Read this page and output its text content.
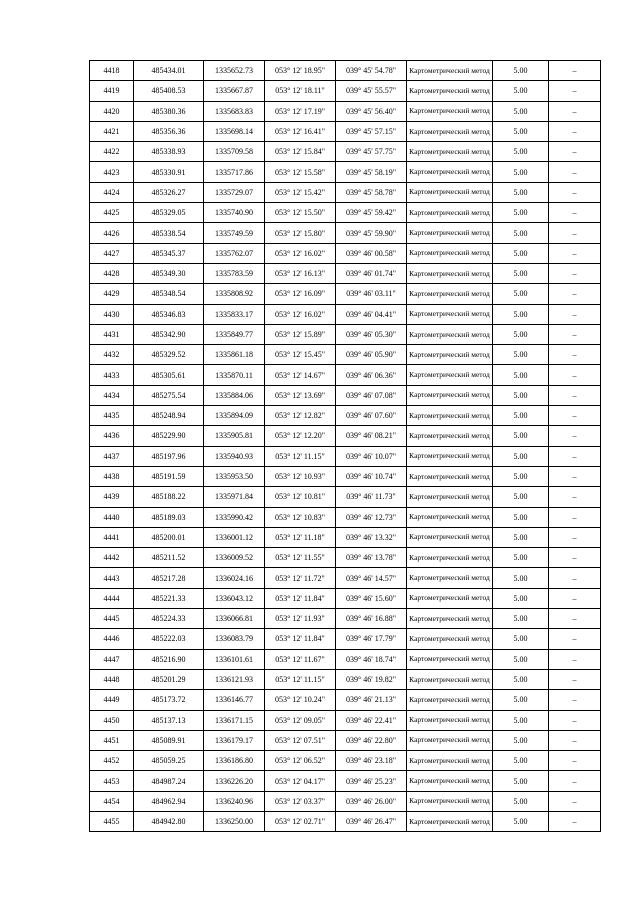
4418	485434.01	1335652.73	053° 12' 18.95"	039° 45' 54.78"	Картометрический метод	5.00	–
4419	485408.53	1335667.87	053° 12' 18.11"	039° 45' 55.57"	Картометрический метод	5.00	–
4420	485380.36	1335683.83	053° 12' 17.19"	039° 45' 56.40"	Картометрический метод	5.00	–
4421	485356.36	1335698.14	053° 12' 16.41"	039° 45' 57.15"	Картометрический метод	5.00	–
4422	485338.93	1335709.58	053° 12' 15.84"	039° 45' 57.75"	Картометрический метод	5.00	–
4423	485330.91	1335717.86	053° 12' 15.58"	039° 45' 58.19"	Картометрический метод	5.00	–
4424	485326.27	1335729.07	053° 12' 15.42"	039° 45' 58.78"	Картометрический метод	5.00	–
4425	485329.05	1335740.90	053° 12' 15.50"	039° 45' 59.42"	Картометрический метод	5.00	–
4426	485338.54	1335749.59	053° 12' 15.80"	039° 45' 59.90"	Картометрический метод	5.00	–
4427	485345.37	1335762.07	053° 12' 16.02"	039° 46' 00.58"	Картометрический метод	5.00	–
4428	485349.30	1335783.59	053° 12' 16.13"	039° 46' 01.74"	Картометрический метод	5.00	–
4429	485348.54	1335808.92	053° 12' 16.09"	039° 46' 03.11"	Картометрический метод	5.00	–
4430	485346.83	1335833.17	053° 12' 16.02"	039° 46' 04.41"	Картометрический метод	5.00	–
4431	485342.90	1335849.77	053° 12' 15.89"	039° 46' 05.30"	Картометрический метод	5.00	–
4432	485329.52	1335861.18	053° 12' 15.45"	039° 46' 05.90"	Картометрический метод	5.00	–
4433	485305.61	1335870.11	053° 12' 14.67"	039° 46' 06.36"	Картометрический метод	5.00	–
4434	485275.54	1335884.06	053° 12' 13.69"	039° 46' 07.08"	Картометрический метод	5.00	–
4435	485248.94	1335894.09	053° 12' 12.82"	039° 46' 07.60"	Картометрический метод	5.00	–
4436	485229.90	1335905.81	053° 12' 12.20"	039° 46' 08.21"	Картометрический метод	5.00	–
4437	485197.96	1335940.93	053° 12' 11.15"	039° 46' 10.07"	Картометрический метод	5.00	–
4438	485191.59	1335953.50	053° 12' 10.93"	039° 46' 10.74"	Картометрический метод	5.00	–
4439	485188.22	1335971.84	053° 12' 10.81"	039° 46' 11.73"	Картометрический метод	5.00	–
4440	485189.03	1335990.42	053° 12' 10.83"	039° 46' 12.73"	Картометрический метод	5.00	–
4441	485200.01	1336001.12	053° 12' 11.18"	039° 46' 13.32"	Картометрический метод	5.00	–
4442	485211.52	1336009.52	053° 12' 11.55"	039° 46' 13.78"	Картометрический метод	5.00	–
4443	485217.28	1336024.16	053° 12' 11.72"	039° 46' 14.57"	Картометрический метод	5.00	–
4444	485221.33	1336043.12	053° 12' 11.84"	039° 46' 15.60"	Картометрический метод	5.00	–
4445	485224.33	1336066.81	053° 12' 11.93"	039° 46' 16.88"	Картометрический метод	5.00	–
4446	485222.03	1336083.79	053° 12' 11.84"	039° 46' 17.79"	Картометрический метод	5.00	–
4447	485216.90	1336101.61	053° 12' 11.67"	039° 46' 18.74"	Картометрический метод	5.00	–
4448	485201.29	1336121.93	053° 12' 11.15"	039° 46' 19.82"	Картометрический метод	5.00	–
4449	485173.72	1336146.77	053° 12' 10.24"	039° 46' 21.13"	Картометрический метод	5.00	–
4450	485137.13	1336171.15	053° 12' 09.05"	039° 46' 22.41"	Картометрический метод	5.00	–
4451	485089.91	1336179.17	053° 12' 07.51"	039° 46' 22.80"	Картометрический метод	5.00	–
4452	485059.25	1336186.80	053° 12' 06.52"	039° 46' 23.18"	Картометрический метод	5.00	–
4453	484987.24	1336226.20	053° 12' 04.17"	039° 46' 25.23"	Картометрический метод	5.00	–
4454	484962.94	1336240.96	053° 12' 03.37"	039° 46' 26.00"	Картометрический метод	5.00	–
4455	484942.80	1336250.00	053° 12' 02.71"	039° 46' 26.47"	Картометрический метод	5.00	–
